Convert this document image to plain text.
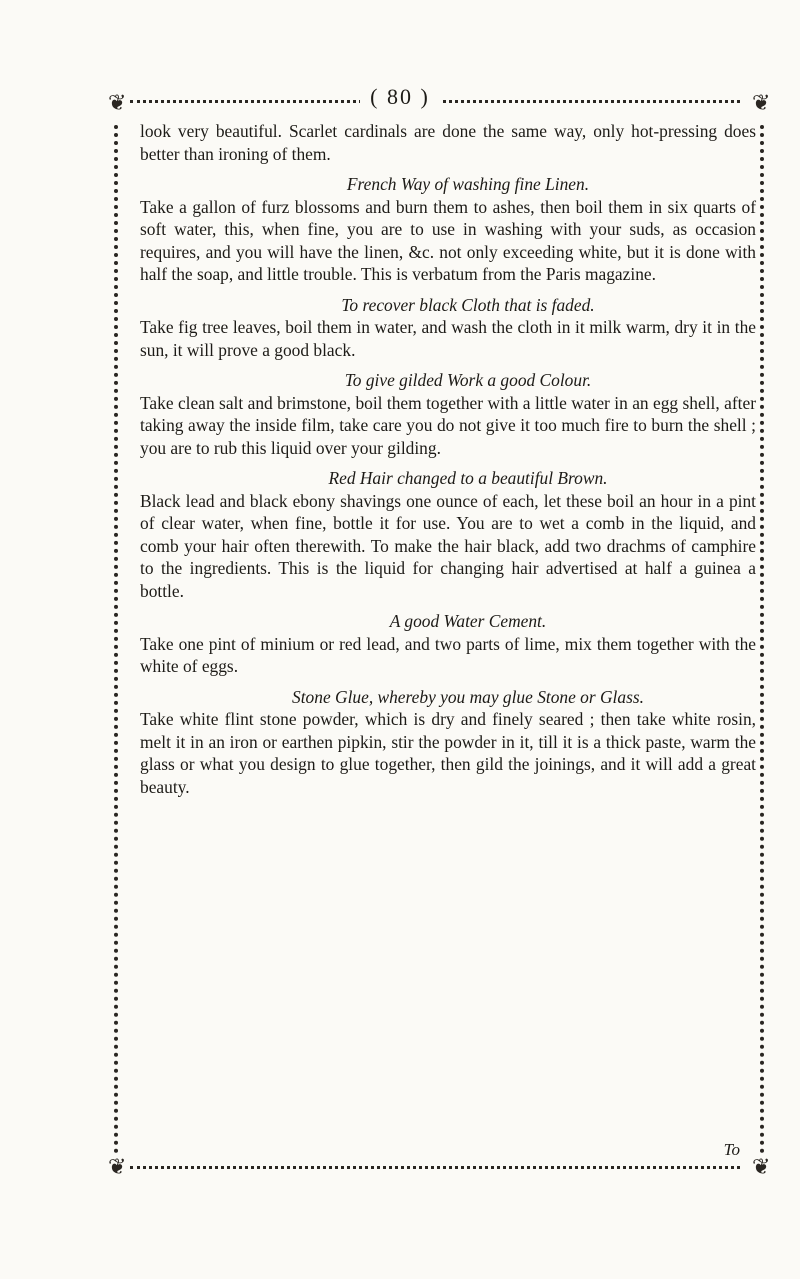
❦	❦
❦	❦
( 80 )

look very beautiful. Scarlet cardinals are done the same way, only hot-pressing does better than ironing of them.

French Way of washing fine Linen.

Take a gallon of furz blossoms and burn them to ashes, then boil them in six quarts of soft water, this, when fine, you are to use in washing with your suds, as occasion requires, and you will have the linen, &c. not only exceeding white, but it is done with half the soap, and little trouble. This is verbatum from the Paris magazine.

To recover black Cloth that is faded.

Take fig tree leaves, boil them in water, and wash the cloth in it milk warm, dry it in the sun, it will prove a good black.

To give gilded Work a good Colour.

Take clean salt and brimstone, boil them together with a little water in an egg shell, after taking away the inside film, take care you do not give it too much fire to burn the shell ; you are to rub this liquid over your gilding.

Red Hair changed to a beautiful Brown.

Black lead and black ebony shavings one ounce of each, let these boil an hour in a pint of clear water, when fine, bottle it for use. You are to wet a comb in the liquid, and comb your hair often therewith. To make the hair black, add two drachms of camphire to the ingredients. This is the liquid for changing hair advertised at half a guinea a bottle.

A good Water Cement.

Take one pint of minium or red lead, and two parts of lime, mix them together with the white of eggs.

Stone Glue, whereby you may glue Stone or Glass.

Take white flint stone powder, which is dry and finely seared ; then take white rosin, melt it in an iron or earthen pipkin, stir the powder in it, till it is a thick paste, warm the glass or what you design to glue together, then gild the joinings, and it will add a great beauty.

To
